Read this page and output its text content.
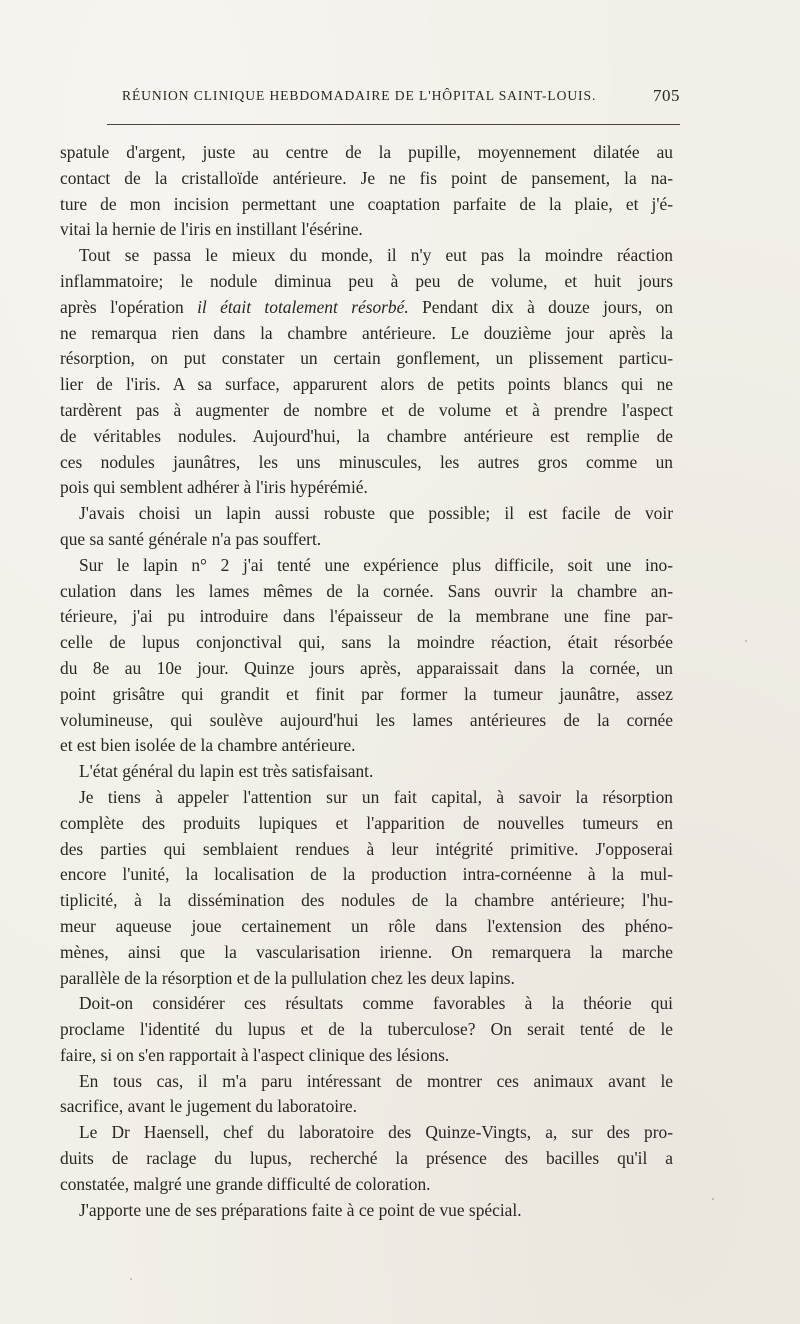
RÉUNION CLINIQUE HEBDOMADAIRE DE L'HÔPITAL SAINT-LOUIS.	705
spatule d'argent, juste au centre de la pupille, moyennement dilatée au
contact de la cristalloïde antérieure. Je ne fis point de pansement, la na-
ture de mon incision permettant une coaptation parfaite de la plaie, et j'é-
vitai la hernie de l'iris en instillant l'ésérine.
Tout se passa le mieux du monde, il n'y eut pas la moindre réaction
inflammatoire; le nodule diminua peu à peu de volume, et huit jours
après l'opération il était totalement résorbé. Pendant dix à douze jours, on
ne remarqua rien dans la chambre antérieure. Le douzième jour après la
résorption, on put constater un certain gonflement, un plissement particu-
lier de l'iris. A sa surface, apparurent alors de petits points blancs qui ne
tardèrent pas à augmenter de nombre et de volume et à prendre l'aspect
de véritables nodules. Aujourd'hui, la chambre antérieure est remplie de
ces nodules jaunâtres, les uns minuscules, les autres gros comme un
pois qui semblent adhérer à l'iris hypérémié.
J'avais choisi un lapin aussi robuste que possible; il est facile de voir
que sa santé générale n'a pas souffert.
Sur le lapin n° 2 j'ai tenté une expérience plus difficile, soit une ino-
culation dans les lames mêmes de la cornée. Sans ouvrir la chambre an-
térieure, j'ai pu introduire dans l'épaisseur de la membrane une fine par-
celle de lupus conjonctival qui, sans la moindre réaction, était résorbée
du 8e au 10e jour. Quinze jours après, apparaissait dans la cornée, un
point grisâtre qui grandit et finit par former la tumeur jaunâtre, assez
volumineuse, qui soulève aujourd'hui les lames antérieures de la cornée
et est bien isolée de la chambre antérieure.
L'état général du lapin est très satisfaisant.
Je tiens à appeler l'attention sur un fait capital, à savoir la résorption
complète des produits lupiques et l'apparition de nouvelles tumeurs en
des parties qui semblaient rendues à leur intégrité primitive. J'opposerai
encore l'unité, la localisation de la production intra-cornéenne à la mul-
tiplicité, à la dissémination des nodules de la chambre antérieure; l'hu-
meur aqueuse joue certainement un rôle dans l'extension des phéno-
mènes, ainsi que la vascularisation irienne. On remarquera la marche
parallèle de la résorption et de la pullulation chez les deux lapins.
Doit-on considérer ces résultats comme favorables à la théorie qui
proclame l'identité du lupus et de la tuberculose? On serait tenté de le
faire, si on s'en rapportait à l'aspect clinique des lésions.
En tous cas, il m'a paru intéressant de montrer ces animaux avant le
sacrifice, avant le jugement du laboratoire.
Le Dr Haensell, chef du laboratoire des Quinze-Vingts, a, sur des pro-
duits de raclage du lupus, recherché la présence des bacilles qu'il a
constatée, malgré une grande difficulté de coloration.
J'apporte une de ses préparations faite à ce point de vue spécial.
